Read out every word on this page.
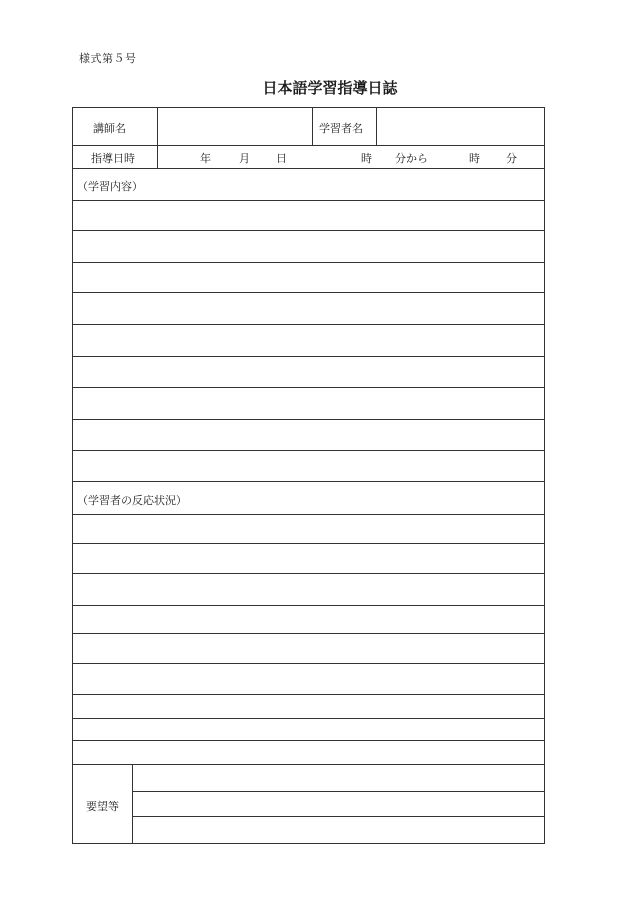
様式第５号
日本語学習指導日誌
講師名	学習者名
指導日時	年	月 日	時 分から	時 分
（学習内容）
（学習者の反応状況）
要望等
